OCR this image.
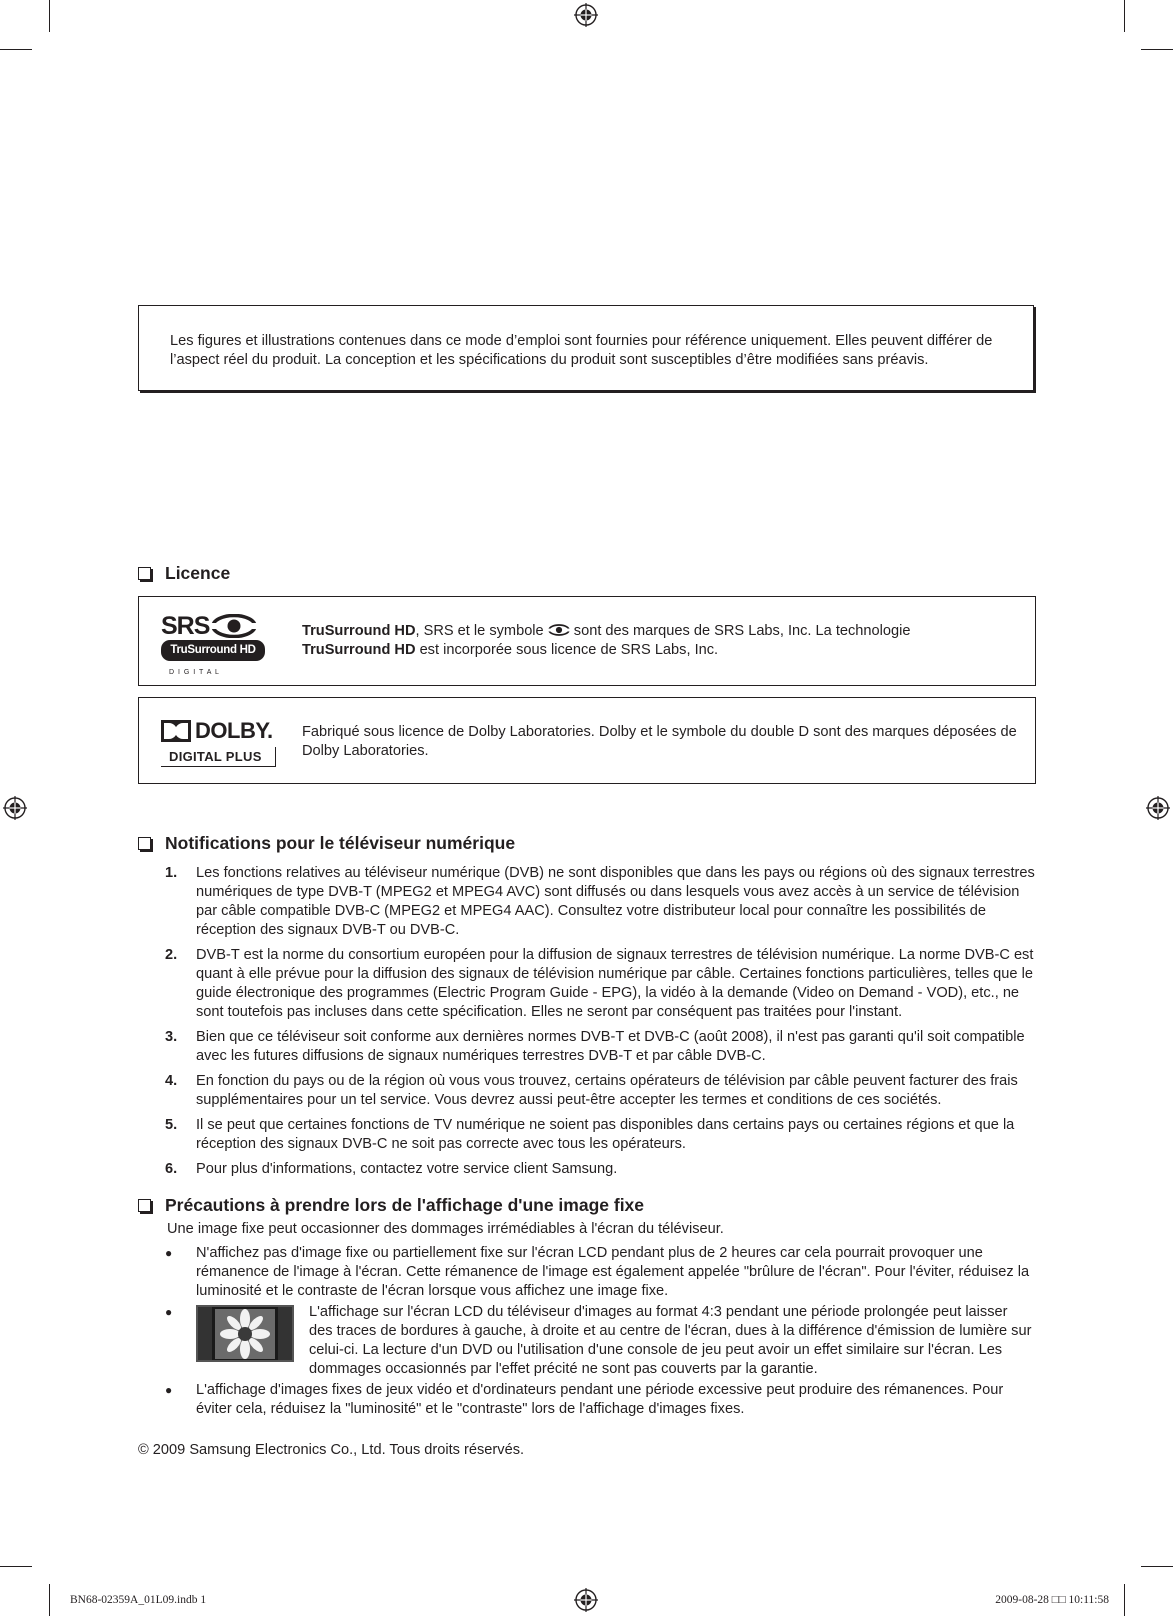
Les figures et illustrations contenues dans ce mode d’emploi sont fournies pour référence uniquement. Elles peuvent différer de l’aspect réel du produit. La conception et les spécifications du produit sont susceptibles d’être modifiées sans préavis.
Licence
SRS
TruSurround HD
D I G I T A L
TruSurround HD, SRS et le symbole sont des marques de SRS Labs, Inc. La technologie
TruSurround HD est incorporée sous licence de SRS Labs, Inc.
DOLBY.
DIGITAL PLUS
Fabriqué sous licence de Dolby Laboratories. Dolby et le symbole du double D sont des marques déposées de Dolby Laboratories.
Notifications pour le téléviseur numérique
1.	Les fonctions relatives au téléviseur numérique (DVB) ne sont disponibles que dans les pays ou régions où des signaux terrestres numériques de type DVB-T (MPEG2 et MPEG4 AVC) sont diffusés ou dans lesquels vous avez accès à un service de télévision par câble compatible DVB-C (MPEG2 et MPEG4 AAC). Consultez votre distributeur local pour connaître les possibilités de réception des signaux DVB-T ou DVB-C.
2.	DVB-T est la norme du consortium européen pour la diffusion de signaux terrestres de télévision numérique. La norme DVB-C est quant à elle prévue pour la diffusion des signaux de télévision numérique par câble. Certaines fonctions particulières, telles que le guide électronique des programmes (Electric Program Guide - EPG), la vidéo à la demande (Video on Demand - VOD), etc., ne sont toutefois pas incluses dans cette spécification. Elles ne seront par conséquent pas traitées pour l'instant.
3.	Bien que ce téléviseur soit conforme aux dernières normes DVB-T et DVB-C (août 2008), il n'est pas garanti qu'il soit compatible avec les futures diffusions de signaux numériques terrestres DVB-T et par câble DVB-C.
4.	En fonction du pays ou de la région où vous vous trouvez, certains opérateurs de télévision par câble peuvent facturer des frais supplémentaires pour un tel service. Vous devrez aussi peut-être accepter les termes et conditions de ces sociétés.
5.	Il se peut que certaines fonctions de TV numérique ne soient pas disponibles dans certains pays ou certaines régions et que la réception des signaux DVB-C ne soit pas correcte avec tous les opérateurs.
6.	Pour plus d'informations, contactez votre service client Samsung.
Précautions à prendre lors de l'affichage d'une image fixe
Une image fixe peut occasionner des dommages irrémédiables à l'écran du téléviseur.
●	N'affichez pas d'image fixe ou partiellement fixe sur l'écran LCD pendant plus de 2 heures car cela pourrait provoquer une rémanence de l'image à l'écran. Cette rémanence de l'image est également appelée "brûlure de l'écran". Pour l'éviter, réduisez la luminosité et le contraste de l'écran lorsque vous affichez une image fixe.
●	L'affichage sur l'écran LCD du téléviseur d'images au format 4:3 pendant une période prolongée peut laisser des traces de bordures à gauche, à droite et au centre de l'écran, dues à la différence d'émission de lumière sur celui-ci. La lecture d'un DVD ou l'utilisation d'une console de jeu peut avoir un effet similaire sur l'écran. Les dommages occasionnés par l'effet précité ne sont pas couverts par la garantie.
●	L'affichage d'images fixes de jeux vidéo et d'ordinateurs pendant une période excessive peut produire des rémanences. Pour éviter cela, réduisez la "luminosité" et le "contraste" lors de l'affichage d'images fixes.
© 2009 Samsung Electronics Co., Ltd. Tous droits réservés.
BN68-02359A_01L09.indb 1	2009-08-28 □□ 10:11:58
